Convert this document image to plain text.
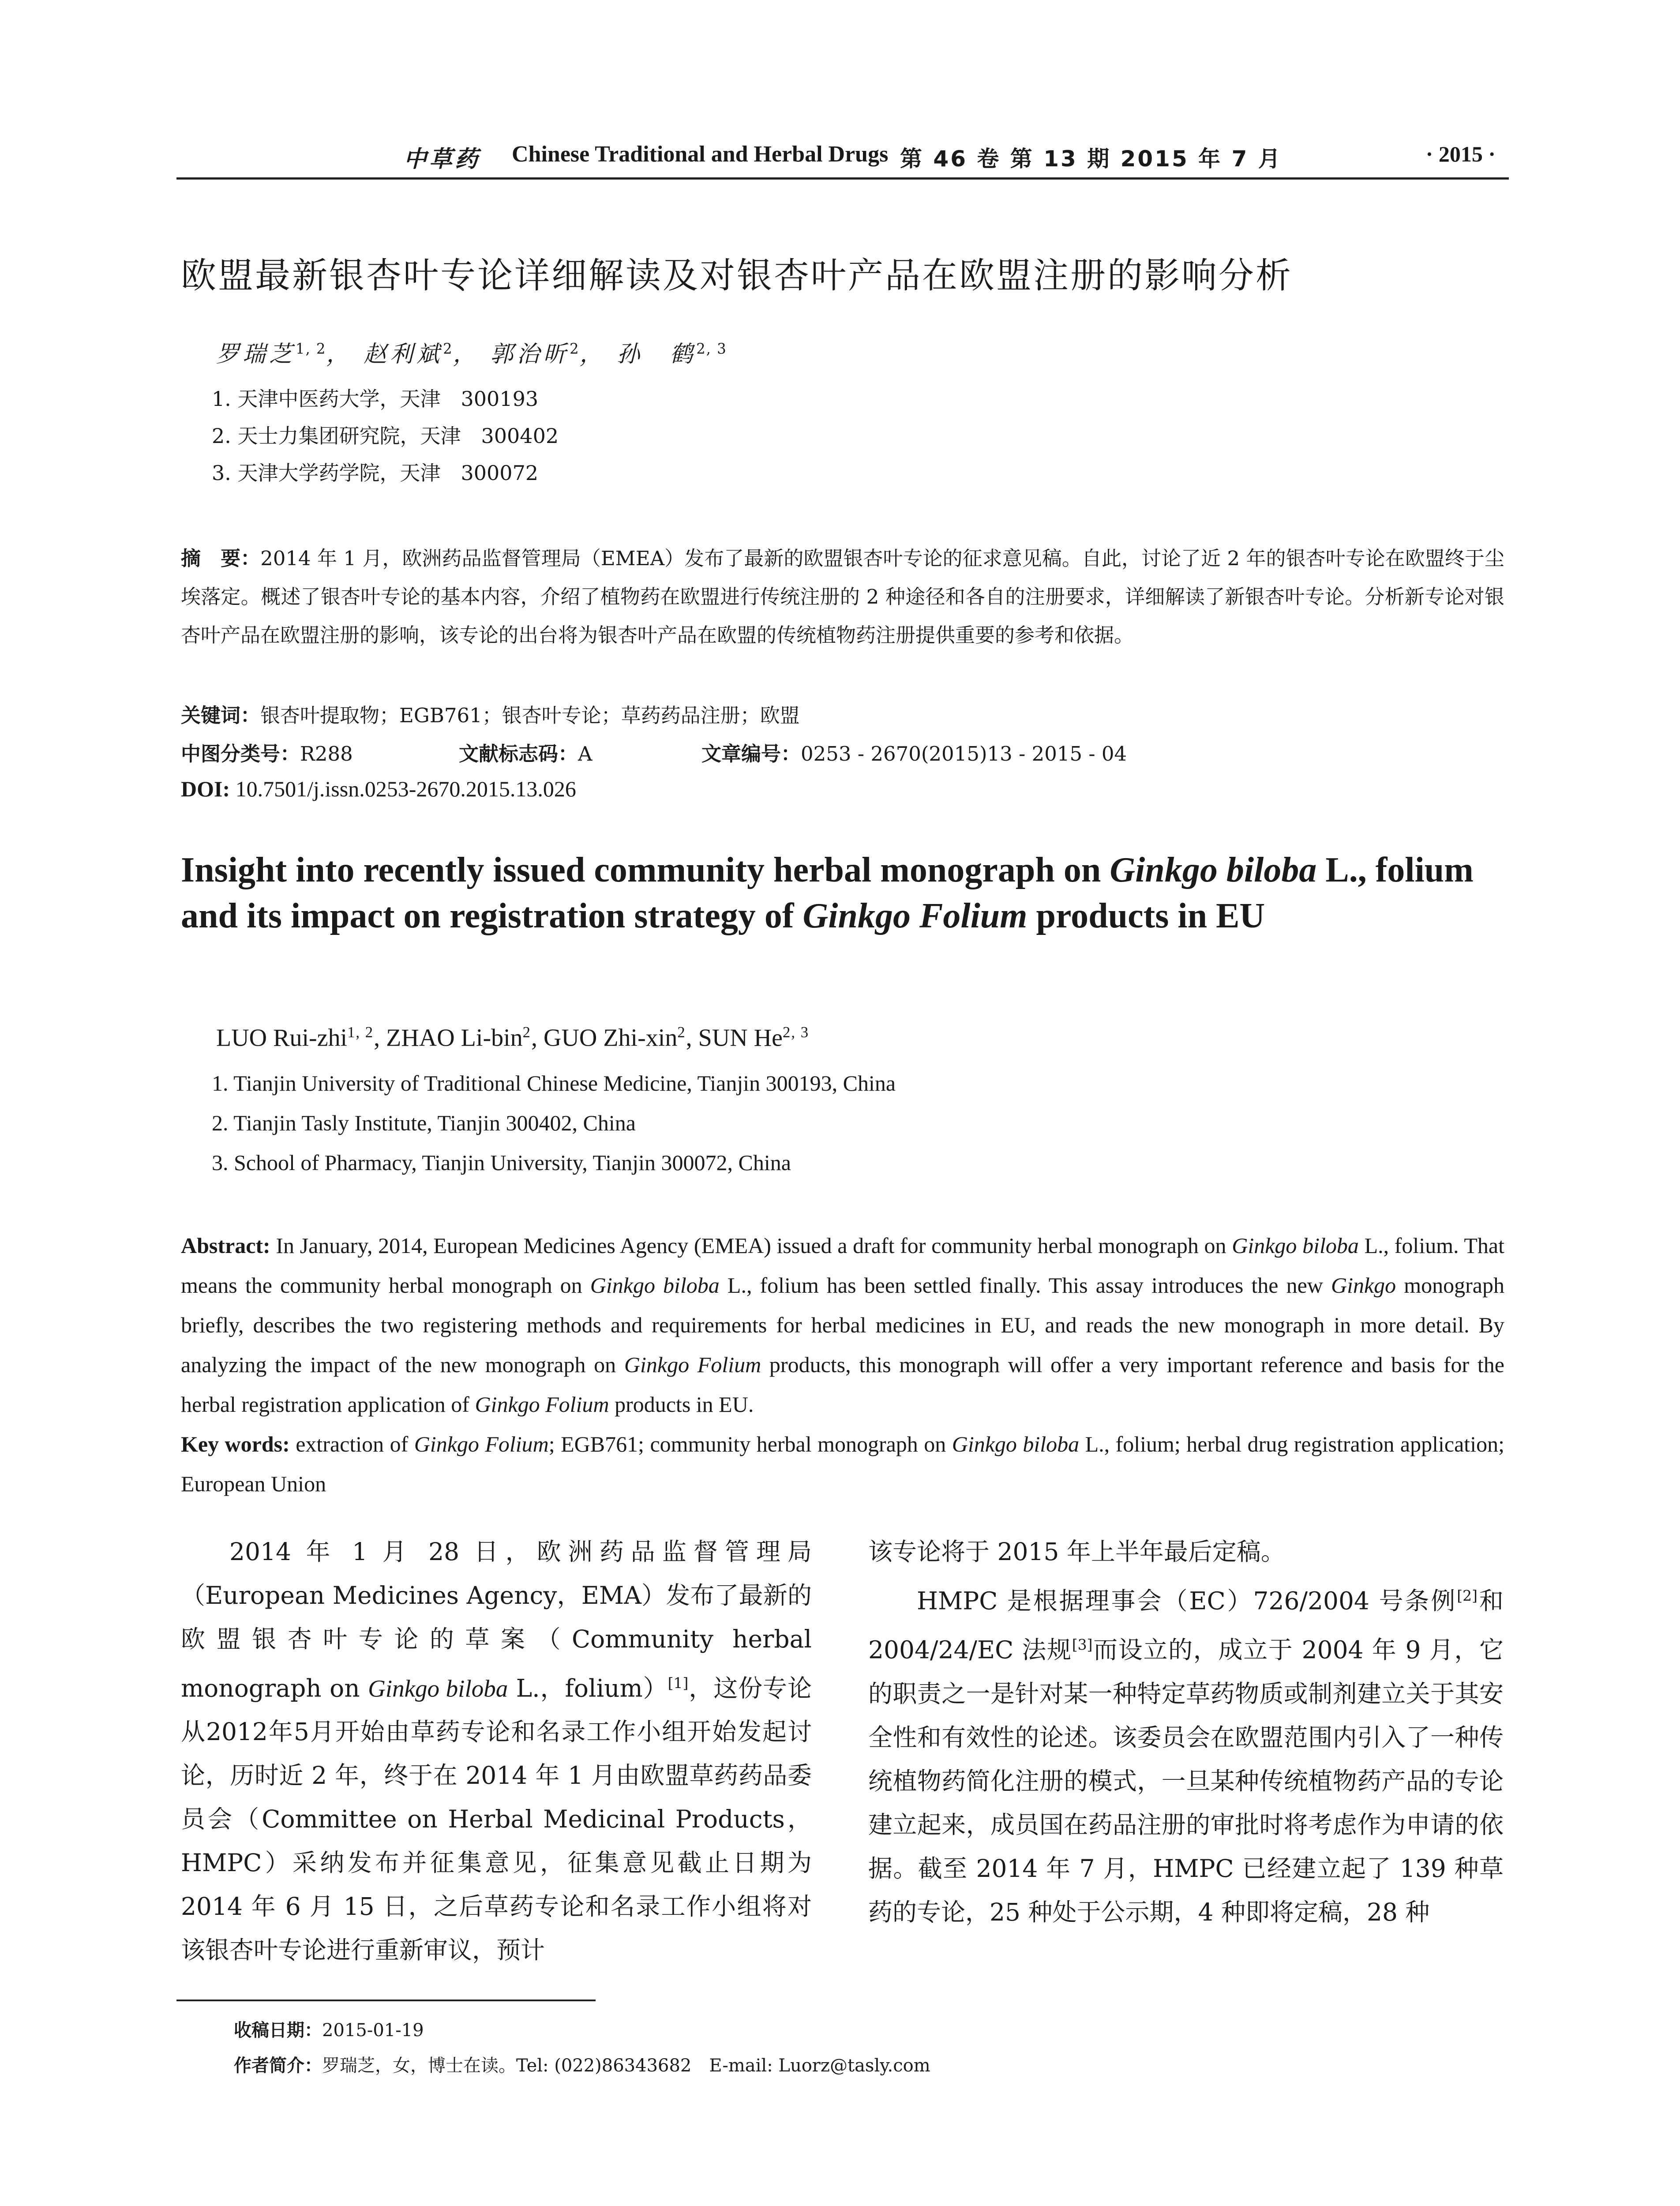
中草药 Chinese Traditional and Herbal Drugs 第 46 卷 第 13 期 2015 年 7 月	· 2015 ·
欧盟最新银杏叶专论详细解读及对银杏叶产品在欧盟注册的影响分析
罗瑞芝$^{1, 2}$， 赵利斌$^2$， 郭治昕$^2$， 孙　鹤$^{2, 3}$
1. 天津中医药大学，天津　300193
2. 天士力集团研究院，天津　300402
3. 天津大学药学院，天津　300072
摘　要：2014 年 1 月，欧洲药品监督管理局（EMEA）发布了最新的欧盟银杏叶专论的征求意见稿。自此，讨论了近 2 年的银杏叶专论在欧盟终于尘埃落定。概述了银杏叶专论的基本内容，介绍了植物药在欧盟进行传统注册的 2 种途径和各自的注册要求，详细解读了新银杏叶专论。分析新专论对银杏叶产品在欧盟注册的影响，该专论的出台将为银杏叶产品在欧盟的传统植物药注册提供重要的参考和依据。
关键词：银杏叶提取物；EGB761；银杏叶专论；草药药品注册；欧盟
中图分类号：R288	文献标志码：A	文章编号：0253 - 2670(2015)13 - 2015 - 04
DOI: 10.7501/j.issn.0253-2670.2015.13.026
Insight into recently issued community herbal monograph on Ginkgo biloba L., folium and its impact on registration strategy of Ginkgo Folium products in EU
LUO Rui-zhi$^{1, 2}$, ZHAO Li-bin$^2$, GUO Zhi-xin$^2$, SUN He$^{2, 3}$
1. Tianjin University of Traditional Chinese Medicine, Tianjin 300193, China
2. Tianjin Tasly Institute, Tianjin 300402, China
3. School of Pharmacy, Tianjin University, Tianjin 300072, China
Abstract: In January, 2014, European Medicines Agency (EMEA) issued a draft for community herbal monograph on Ginkgo biloba L., folium. That means the community herbal monograph on Ginkgo biloba L., folium has been settled finally. This assay introduces the new Ginkgo monograph briefly, describes the two registering methods and requirements for herbal medicines in EU, and reads the new monograph in more detail. By analyzing the impact of the new monograph on Ginkgo Folium products, this monograph will offer a very important reference and basis for the herbal registration application of Ginkgo Folium products in EU.
Key words: extraction of Ginkgo Folium; EGB761; community herbal monograph on Ginkgo biloba L., folium; herbal drug registration application; European Union

2014 年 1 月 28 日，欧洲药品监督管理局（European Medicines Agency，EMA）发布了最新的欧盟银杏叶专论的草案（Community herbal monograph on Ginkgo biloba L.，folium）[1]，这份专论从2012年5月开始由草药专论和名录工作小组开始发起讨论，历时近 2 年，终于在 2014 年 1 月由欧盟草药药品委员会（Committee on Herbal Medicinal Products，HMPC）采纳发布并征集意见，征集意见截止日期为 2014 年 6 月 15 日，之后草药专论和名录工作小组将对该银杏叶专论进行重新审议，预计

该专论将于 2015 年上半年最后定稿。

HMPC 是根据理事会（EC）726/2004 号条例[2]和 2004/24/EC 法规[3]而设立的，成立于 2004 年 9 月，它的职责之一是针对某一种特定草药物质或制剂建立关于其安全性和有效性的论述。该委员会在欧盟范围内引入了一种传统植物药简化注册的模式，一旦某种传统植物药产品的专论建立起来，成员国在药品注册的审批时将考虑作为申请的依据。截至 2014 年 7 月，HMPC 已经建立起了 139 种草药的专论，25 种处于公示期，4 种即将定稿，28 种

收稿日期：2015-01-19
作者简介：罗瑞芝，女，博士在读。Tel: (022)86343682　E-mail: Luorz@tasly.com
